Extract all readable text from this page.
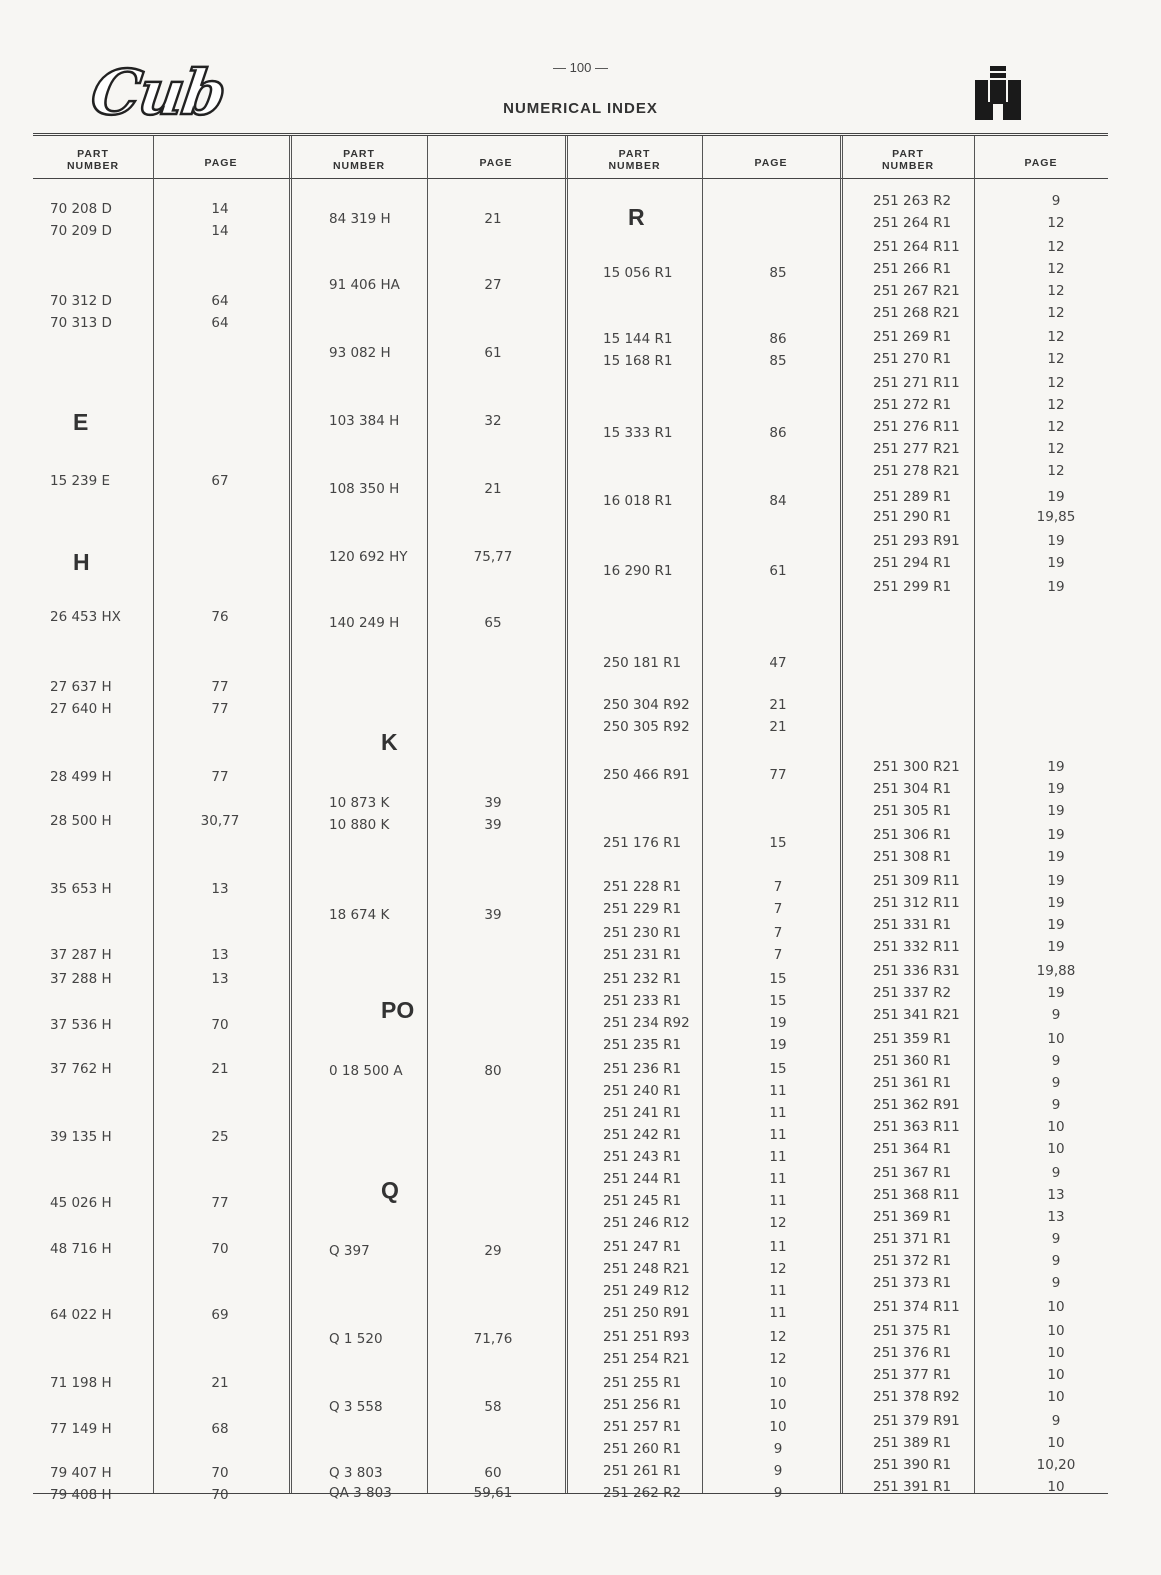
Cub	— 100 —
NUMERICAL INDEX
PART
NUMBER	PAGE
PART
NUMBER	PAGE
PART
NUMBER	PAGE
PART
NUMBER	PAGE
70 208 D	14
70 209 D	14
70 312 D	64
70 313 D	64
E
15 239 E	67
H
26 453 HX	76
27 637 H	77
27 640 H	77
28 499 H	77
28 500 H	30,77
35 653 H	13
37 287 H	13
37 288 H	13
37 536 H	70
37 762 H	21
39 135 H	25
45 026 H	77
48 716 H	70
64 022 H	69
71 198 H	21
77 149 H	68
79 407 H	70
79 408 H	70
84 319 H	21
91 406 HA	27
93 082 H	61
103 384 H	32
108 350 H	21
120 692 HY	75,77
140 249 H	65
K
10 873 K	39
10 880 K	39
18 674 K	39
PO
0 18 500 A	80
Q
Q 397	29
Q 1 520	71,76
Q 3 558	58
Q 3 803	60
QA 3 803	59,61
R
15 056 R1	85
15 144 R1	86
15 168 R1	85
15 333 R1	86
16 018 R1	84
16 290 R1	61
250 181 R1	47
250 304 R92	21
250 305 R92	21
250 466 R91	77
251 176 R1	15
251 228 R1	7
251 229 R1	7
251 230 R1	7
251 231 R1	7
251 232 R1	15
251 233 R1	15
251 234 R92	19
251 235 R1	19
251 236 R1	15
251 240 R1	11
251 241 R1	11
251 242 R1	11
251 243 R1	11
251 244 R1	11
251 245 R1	11
251 246 R12	12
251 247 R1	11
251 248 R21	12
251 249 R12	11
251 250 R91	11
251 251 R93	12
251 254 R21	12
251 255 R1	10
251 256 R1	10
251 257 R1	10
251 260 R1	9
251 261 R1	9
251 262 R2	9
251 263 R2	9
251 264 R1	12
251 264 R11	12
251 266 R1	12
251 267 R21	12
251 268 R21	12
251 269 R1	12
251 270 R1	12
251 271 R11	12
251 272 R1	12
251 276 R11	12
251 277 R21	12
251 278 R21	12
251 289 R1	19
251 290 R1	19,85
251 293 R91	19
251 294 R1	19
251 299 R1	19
251 300 R21	19
251 304 R1	19
251 305 R1	19
251 306 R1	19
251 308 R1	19
251 309 R11	19
251 312 R11	19
251 331 R1	19
251 332 R11	19
251 336 R31	19,88
251 337 R2	19
251 341 R21	9
251 359 R1	10
251 360 R1	9
251 361 R1	9
251 362 R91	9
251 363 R11	10
251 364 R1	10
251 367 R1	9
251 368 R11	13
251 369 R1	13
251 371 R1	9
251 372 R1	9
251 373 R1	9
251 374 R11	10
251 375 R1	10
251 376 R1	10
251 377 R1	10
251 378 R92	10
251 379 R91	9
251 389 R1	10
251 390 R1	10,20
251 391 R1	10
